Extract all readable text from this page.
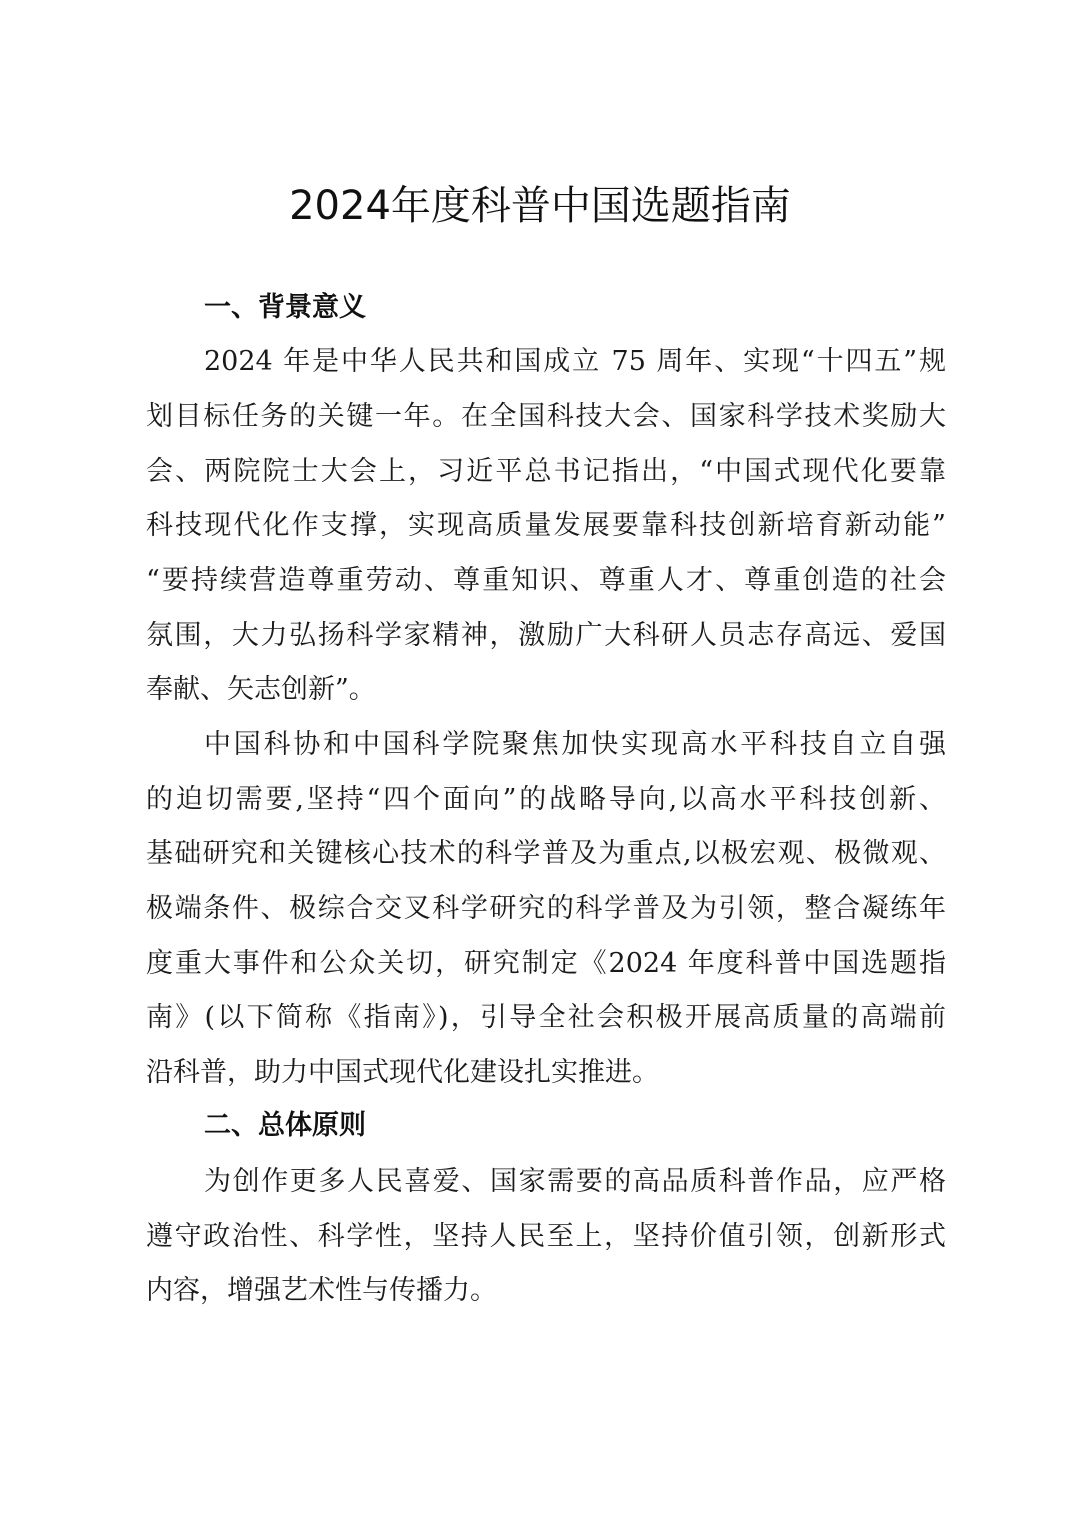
2024年度科普中国选题指南
一、背景意义

2024 年是中华人民共和国成立 75 周年、实现“十四五”规

划目标任务的关键一年。在全国科技大会、国家科学技术奖励大

会、两院院士大会上，习近平总书记指出，“中国式现代化要靠

科技现代化作支撑，实现高质量发展要靠科技创新培育新动能”

“要持续营造尊重劳动、尊重知识、尊重人才、尊重创造的社会

氛围，大力弘扬科学家精神，激励广大科研人员志存高远、爱国

奉献、矢志创新”。

中国科协和中国科学院聚焦加快实现高水平科技自立自强

的迫切需要,坚持“四个面向”的战略导向,以高水平科技创新、

基础研究和关键核心技术的科学普及为重点,以极宏观、极微观、

极端条件、极综合交叉科学研究的科学普及为引领，整合凝练年

度重大事件和公众关切，研究制定《2024 年度科普中国选题指

南》(以下简称《指南》)，引导全社会积极开展高质量的高端前

沿科普，助力中国式现代化建设扎实推进。

二、总体原则

为创作更多人民喜爱、国家需要的高品质科普作品，应严格

遵守政治性、科学性，坚持人民至上，坚持价值引领，创新形式

内容，增强艺术性与传播力。
